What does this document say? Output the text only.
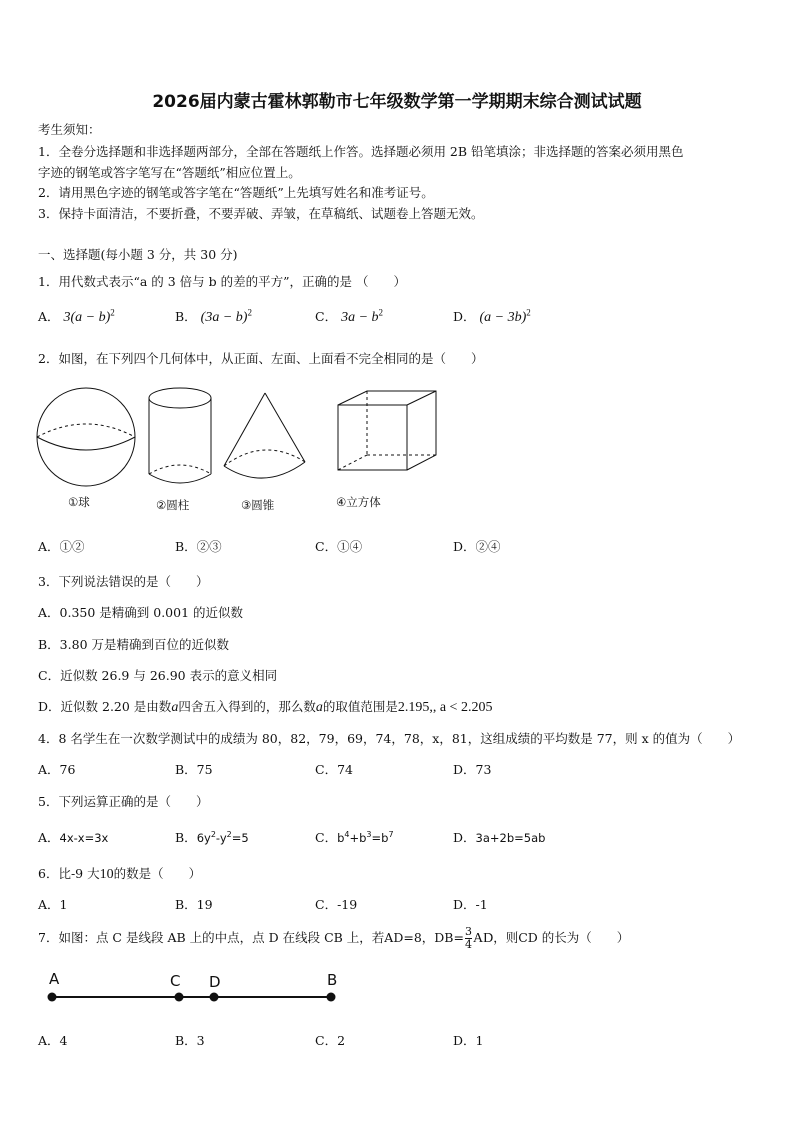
2026届内蒙古霍林郭勒市七年级数学第一学期期末综合测试试题
考生须知：
1．全卷分选择题和非选择题两部分，全部在答题纸上作答。选择题必须用 2B 铅笔填涂；非选择题的答案必须用黑色
字迹的钢笔或答字笔写在“答题纸”相应位置上。
2．请用黑色字迹的钢笔或答字笔在“答题纸”上先填写姓名和准考证号。
3．保持卡面清洁，不要折叠，不要弄破、弄皱，在草稿纸、试题卷上答题无效。
一、选择题(每小题 3 分，共 30 分)
1．用代数式表示“a 的 3 倍与 b 的差的平方”，正确的是 （　　）
A． $3(a - b)^2$	B． $(3a - b)^2$	C． $3a - b^2$	D． $(a - 3b)^2$
2．如图，在下列四个几何体中，从正面、左面、上面看不完全相同的是（　　）
①球	②圆柱	③圆锥	④立方体
A．①②	B．②③	C．①④	D．②④
3．下列说法错误的是（　　）
A．0.350 是精确到 0.001 的近似数
B．3.80 万是精确到百位的近似数
C．近似数 26.9 与 26.90 表示的意义相同
D．近似数 2.20 是由数a四舍五入得到的，那么数a的取值范围是2.195,, a < 2.205
4．8 名学生在一次数学测试中的成绩为 80，82，79，69，74，78，x，81，这组成绩的平均数是 77，则 x 的值为（　　）
A．76	B．75	C．74	D．73
5．下列运算正确的是（　　）
A．4x-x=3x	B．$6y^2-y^2=5$	C．$b^4+b^3=b^7$	D．3a+2b=5ab
6．比-9 大10的数是（　　）
A．1	B．19	C．-19	D．-1
7．如图：点 C 是线段 AB 上的中点，点 D 在线段 CB 上，若AD=8，$DB= \frac{3}{4}$ AD，则CD 的长为（　　）
A	C D	B
A．4	B．3	C．2	D．1
